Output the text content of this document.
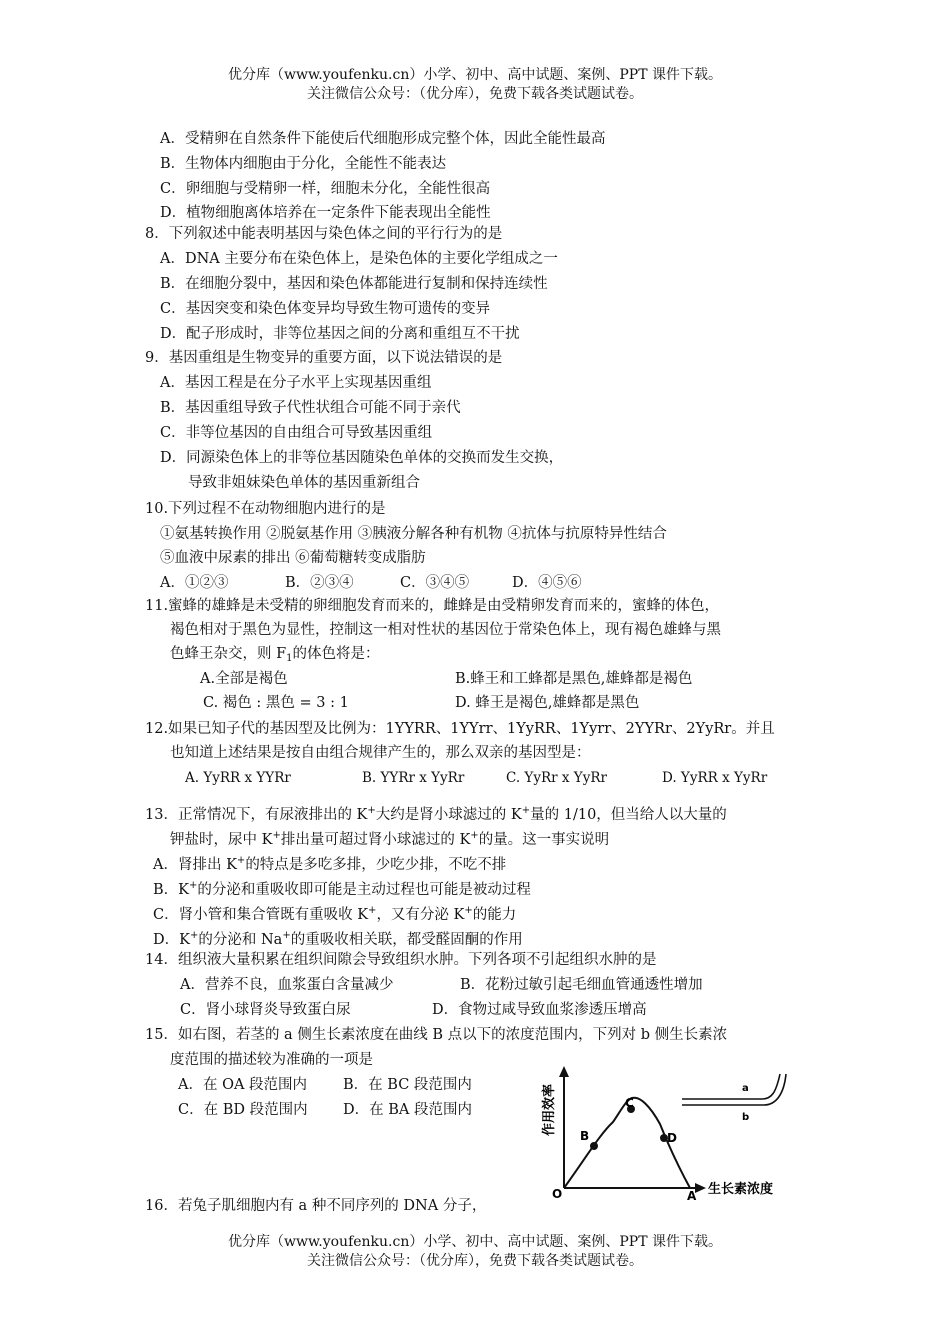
优分库（www.youfenku.cn）小学、初中、高中试题、案例、PPT 课件下载。
关注微信公众号：（优分库），免费下载各类试题试卷。
A．受精卵在自然条件下能使后代细胞形成完整个体，因此全能性最高
B．生物体内细胞由于分化，全能性不能表达
C．卵细胞与受精卵一样，细胞未分化，全能性很高
D．植物细胞离体培养在一定条件下能表现出全能性
8．下列叙述中能表明基因与染色体之间的平行行为的是
A．DNA 主要分布在染色体上，是染色体的主要化学组成之一
B．在细胞分裂中，基因和染色体都能进行复制和保持连续性
C．基因突变和染色体变异均导致生物可遗传的变异
D．配子形成时，非等位基因之间的分离和重组互不干扰
9．基因重组是生物变异的重要方面，以下说法错误的是
A．基因工程是在分子水平上实现基因重组
B．基因重组导致子代性状组合可能不同于亲代
C．非等位基因的自由组合可导致基因重组
D．同源染色体上的非等位基因随染色单体的交换而发生交换，
导致非姐妹染色单体的基因重新组合
10.下列过程不在动物细胞内进行的是
①氨基转换作用 ②脱氨基作用 ③胰液分解各种有机物 ④抗体与抗原特异性结合
⑤血液中尿素的排出 ⑥葡萄糖转变成脂肪
A．①②③	B．②③④	C．③④⑤	D．④⑤⑥
11.蜜蜂的雄蜂是未受精的卵细胞发育而来的，雌蜂是由受精卵发育而来的，蜜蜂的体色，
褐色相对于黑色为显性，控制这一相对性状的基因位于常染色体上，现有褐色雄蜂与黑
色蜂王杂交，则 $F_1$的体色将是：
A.全部是褐色	B.蜂王和工蜂都是黑色,雄蜂都是褐色
C. 褐色 : 黑色 = 3 : 1	D. 蜂王是褐色,雄蜂都是黑色
12.如果已知子代的基因型及比例为：1YYRR、1YYrr、1YyRR、1Yyrr、2YYRr、2YyRr。并且
也知道上述结果是按自由组合规律产生的，那么双亲的基因型是：
A. YyRR x YYRr	B. YYRr x YyRr	C. YyRr x YyRr	D. YyRR x YyRr
13．正常情况下，有尿液排出的 K+大约是肾小球滤过的 K+量的 1/10，但当给人以大量的
钾盐时，尿中 K+排出量可超过肾小球滤过的 K+的量。这一事实说明
A．肾排出 K+的特点是多吃多排，少吃少排，不吃不排
B．K+的分泌和重吸收即可能是主动过程也可能是被动过程
C．肾小管和集合管既有重吸收 K+，又有分泌 K+的能力
D．K+的分泌和 Na+的重吸收相关联，都受醛固酮的作用
14．组织液大量积累在组织间隙会导致组织水肿。下列各项不引起组织水肿的是
A．营养不良，血浆蛋白含量减少	B．花粉过敏引起毛细血管通透性增加
C．肾小球肾炎导致蛋白尿	D．食物过咸导致血浆渗透压增高
15．如右图，若茎的 a 侧生长素浓度在曲线 B 点以下的浓度范围内，下列对 b 侧生长素浓
度范围的描述较为准确的一项是
A．在 OA 段范围内 B．在 BC 段范围内
C．在 BD 段范围内 D．在 BA 段范围内	作用效率
生长素浓度
O	A
B
C
D
a
b
16．若兔子肌细胞内有 a 种不同序列的 DNA 分子，
优分库（www.youfenku.cn）小学、初中、高中试题、案例、PPT 课件下载。
关注微信公众号：（优分库），免费下载各类试题试卷。
